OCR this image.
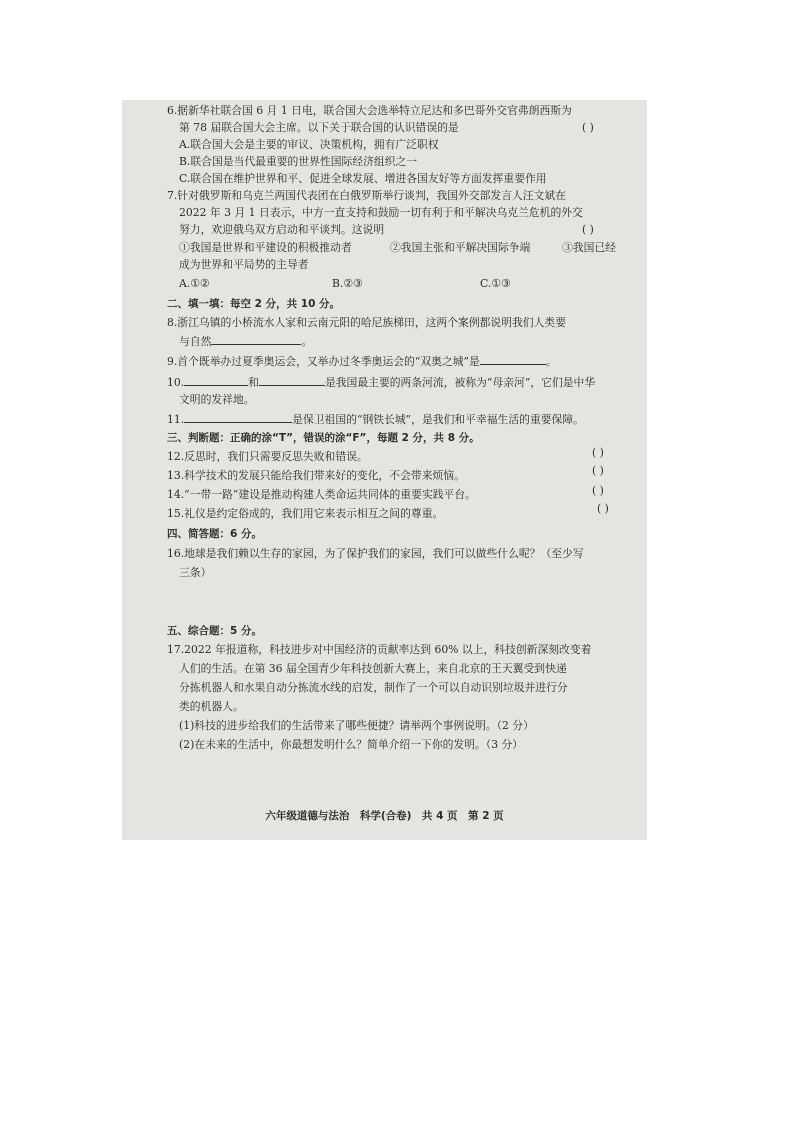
6.据新华社联合国 6 月 1 日电，联合国大会选举特立尼达和多巴哥外交官弗朗西斯为
第 78 届联合国大会主席。以下关于联合国的认识错误的是	( )
A.联合国大会是主要的审议、决策机构，拥有广泛职权
B.联合国是当代最重要的世界性国际经济组织之一
C.联合国在维护世界和平、促进全球发展、增进各国友好等方面发挥重要作用
7.针对俄罗斯和乌克兰两国代表团在白俄罗斯举行谈判，我国外交部发言人汪文斌在
2022 年 3 月 1 日表示，中方一直支持和鼓励一切有利于和平解决乌克兰危机的外交
努力，欢迎俄乌双方启动和平谈判。这说明	( )
①我国是世界和平建设的积极推动者	②我国主张和平解决国际争端	③我国已经
成为世界和平局势的主导者
A.①②	B.②③	C.①③
二、填一填：每空 2 分，共 10 分。
8.浙江乌镇的小桥流水人家和云南元阳的哈尼族梯田，这两个案例都说明我们人类要
与自然	。
9.首个既举办过夏季奥运会，又举办过冬季奥运会的“双奥之城”是	。
10.	和	是我国最主要的两条河流，被称为“母亲河”，它们是中华
文明的发祥地。
11.	是保卫祖国的“钢铁长城”，是我们和平幸福生活的重要保障。
三、判断题：正确的涂“T”，错误的涂“F”，每题 2 分，共 8 分。
12.反思时，我们只需要反思失败和错误。	( )
13.科学技术的发展只能给我们带来好的变化，不会带来烦恼。	( )
14.“一带一路”建设是推动构建人类命运共同体的重要实践平台。	( )
15.礼仪是约定俗成的，我们用它来表示相互之间的尊重。	( )
四、简答题：6 分。
16.地球是我们赖以生存的家园，为了保护我们的家园，我们可以做些什么呢？（至少写
三条）
五、综合题：5 分。
17.2022 年报道称，科技进步对中国经济的贡献率达到 60% 以上，科技创新深刻改变着
人们的生活。在第 36 届全国青少年科技创新大赛上，来自北京的王天翼受到快递
分拣机器人和水果自动分拣流水线的启发，制作了一个可以自动识别垃圾并进行分
类的机器人。
(1)科技的进步给我们的生活带来了哪些便捷？请举两个事例说明。（2 分）
(2)在未来的生活中，你最想发明什么？简单介绍一下你的发明。（3 分）
六年级道德与法治　科学(合卷)　共 4 页　第 2 页
